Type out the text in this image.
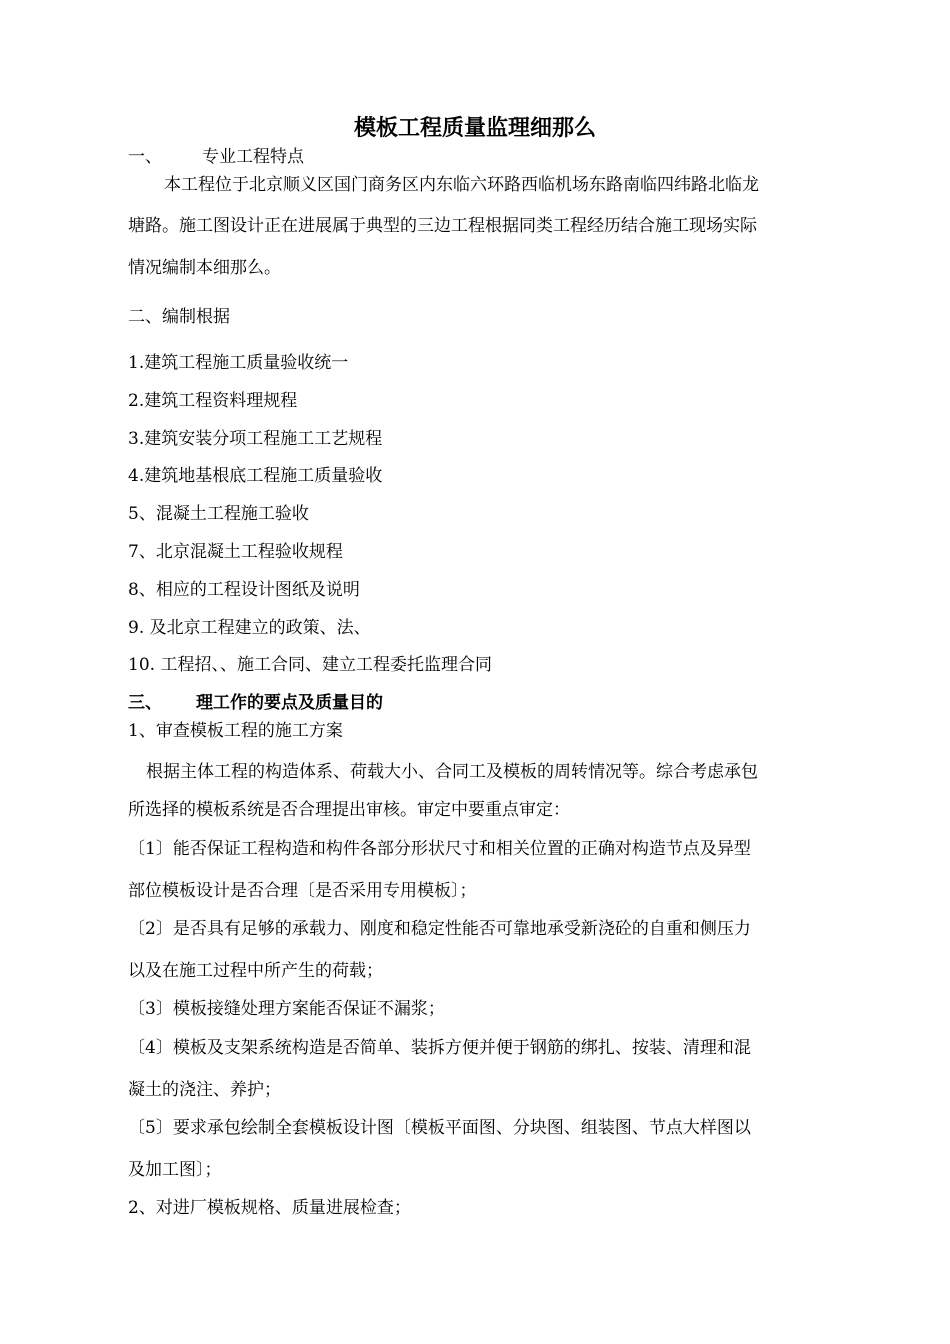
模板工程质量监理细那么
一、 专业工程特点
本工程位于北京顺义区国门商务区内东临六环路西临机场东路南临四纬路北临龙
塘路。施工图设计正在进展属于典型的三边工程根据同类工程经历结合施工现场实际
情况编制本细那么。
二、编制根据
1.建筑工程施工质量验收统一
2.建筑工程资料理规程
3.建筑安装分项工程施工工艺规程
4.建筑地基根底工程施工质量验收
5、混凝土工程施工验收
7、北京混凝土工程验收规程
8、相应的工程设计图纸及说明
9. 及北京工程建立的政策、法、
10. 工程招、、施工合同、建立工程委托监理合同
三、 理工作的要点及质量目的
1、审查模板工程的施工方案
根据主体工程的构造体系、荷载大小、合同工及模板的周转情况等。综合考虑承包
所选择的模板系统是否合理提出审核。审定中要重点审定：
〔1〕能否保证工程构造和构件各部分形状尺寸和相关位置的正确对构造节点及异型
部位模板设计是否合理〔是否采用专用模板〕；
〔2〕是否具有足够的承载力、刚度和稳定性能否可靠地承受新浇砼的自重和侧压力
以及在施工过程中所产生的荷载；
〔3〕模板接缝处理方案能否保证不漏浆；
〔4〕模板及支架系统构造是否简单、装拆方便并便于钢筋的绑扎、按装、清理和混
凝土的浇注、养护；
〔5〕要求承包绘制全套模板设计图〔模板平面图、分块图、组装图、节点大样图以
及加工图〕；
2、对进厂模板规格、质量进展检查；
